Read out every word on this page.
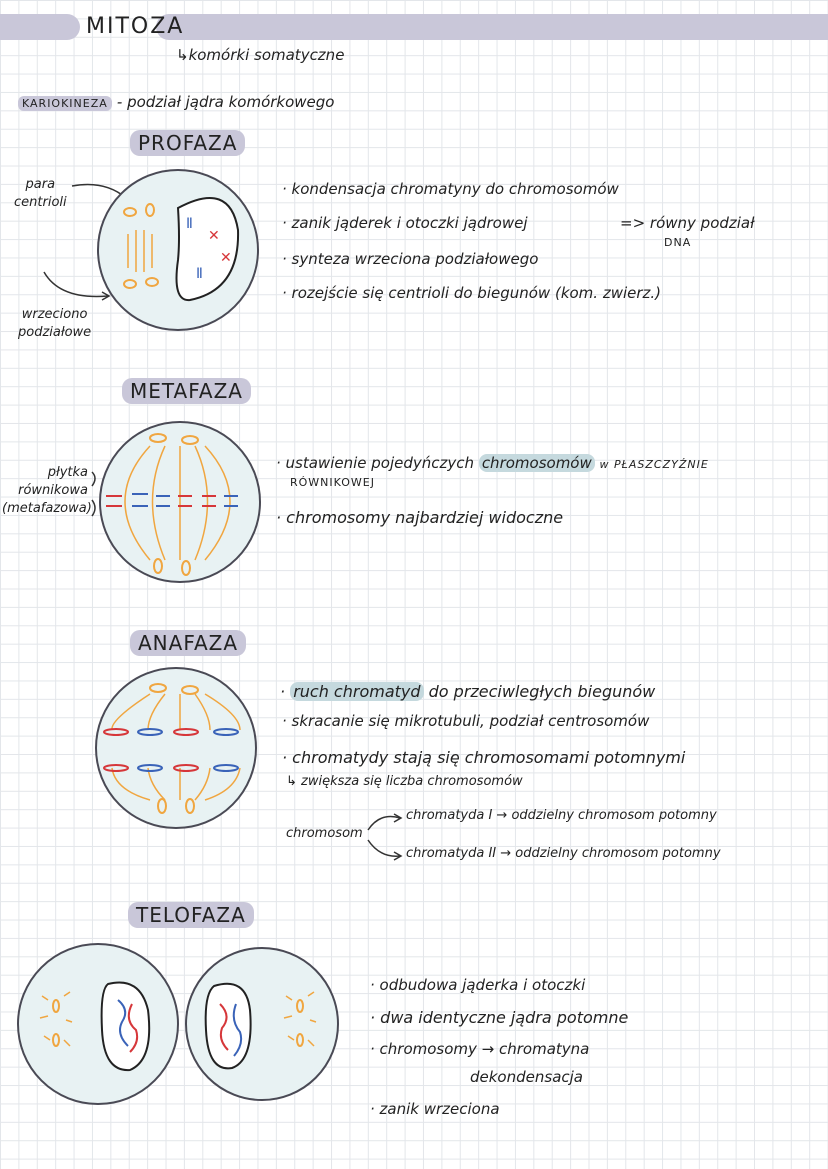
MITOZA
↳komórki somatyczne
KARIOKINEZA - podział jądra komórkowego
PROFAZA
para
centrioli
wrzeciono
podziałowe
Ⅱ
✕
✕
Ⅱ
· kondensacja chromatyny do chromosomów
· zanik jąderek i otoczki jądrowej	=> równy podział
DNA
· synteza wrzeciona podziałowego
· rozejście się centrioli do biegunów (kom. zwierz.)
METAFAZA
płytka
równikowa
(metafazowa)
· ustawienie pojedyńczych chromosomów w PŁASZCZYŹNIE
RÓWNIKOWEJ
· chromosomy najbardziej widoczne
ANAFAZA
· ruch chromatyd do przeciwległych biegunów
· skracanie się mikrotubuli, podział centrosomów
· chromatydy stają się chromosomami potomnymi
↳ zwiększa się liczba chromosomów
chromosom
chromatyda I → oddzielny chromosom potomny
chromatyda II → oddzielny chromosom potomny
TELOFAZA
· odbudowa jąderka i otoczki
· dwa identyczne jądra potomne
· chromosomy → chromatyna
dekondensacja
· zanik wrzeciona
